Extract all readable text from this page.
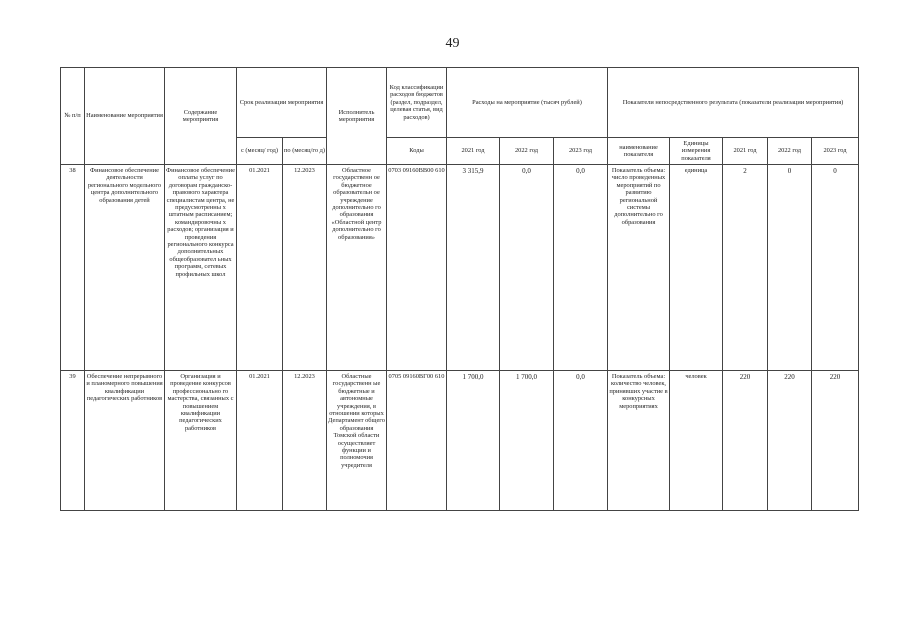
49
№ п/п	Наименование мероприятия	Содержание мероприятия	Срок реализации мероприятия		Исполнитель мероприятия	Код классификации расходов бюджетов (раздел, подраздел, целевая статья, вид расходов)	Расходы на мероприятие (тысяч рублей)			Показатели непосредственного результата (показатели реализации мероприятия)				
			с (месяц/ год)	по (месяц/го д)		Коды	2021 год	2022 год	2023 год	наименование показателя	Единицы измерения показателя	2021 год	2022 год	2023 год
38	Финансовое обеспечение деятельности регионального модельного центра дополнительного образования детей	Финансовое обеспечение оплаты услуг по договорам гражданско-правового характера специалистам центра, не предусмотренны х штатным расписанием; командировочны х расходов; организация и проведения регионального конкурса дополнительных общеобразовател ьных программ, сетевых профильных школ	01.2021	12.2023	Областное государственн ое бюджетное образовательн ое учреждение дополнительно го образования «Областной центр дополнительно го образования»	0703 09160ВВ00 610	3 315,9	0,0	0,0	Показатель объема: число проведенных мероприятий по развитию региональной системы дополнительно го образования	единица	2	0	0
39	Обеспечение непрерывного и планомерного повышения квалификации педагогических работников	Организация и проведение конкурсов профессионально го мастерства, связанных с повышением квалификации педагогических работников	01.2021	12.2023	Областные государственн ые бюджетные и автономные учреждения, в отношении которых Департамент общего образования Томской области осуществляет функции и полномочия учредителя	0705 09160ВГ00 610	1 700,0	1 700,0	0,0	Показатель объема: количество человек, принявших участие в конкурсных мероприятиях	человек	220	220	220
